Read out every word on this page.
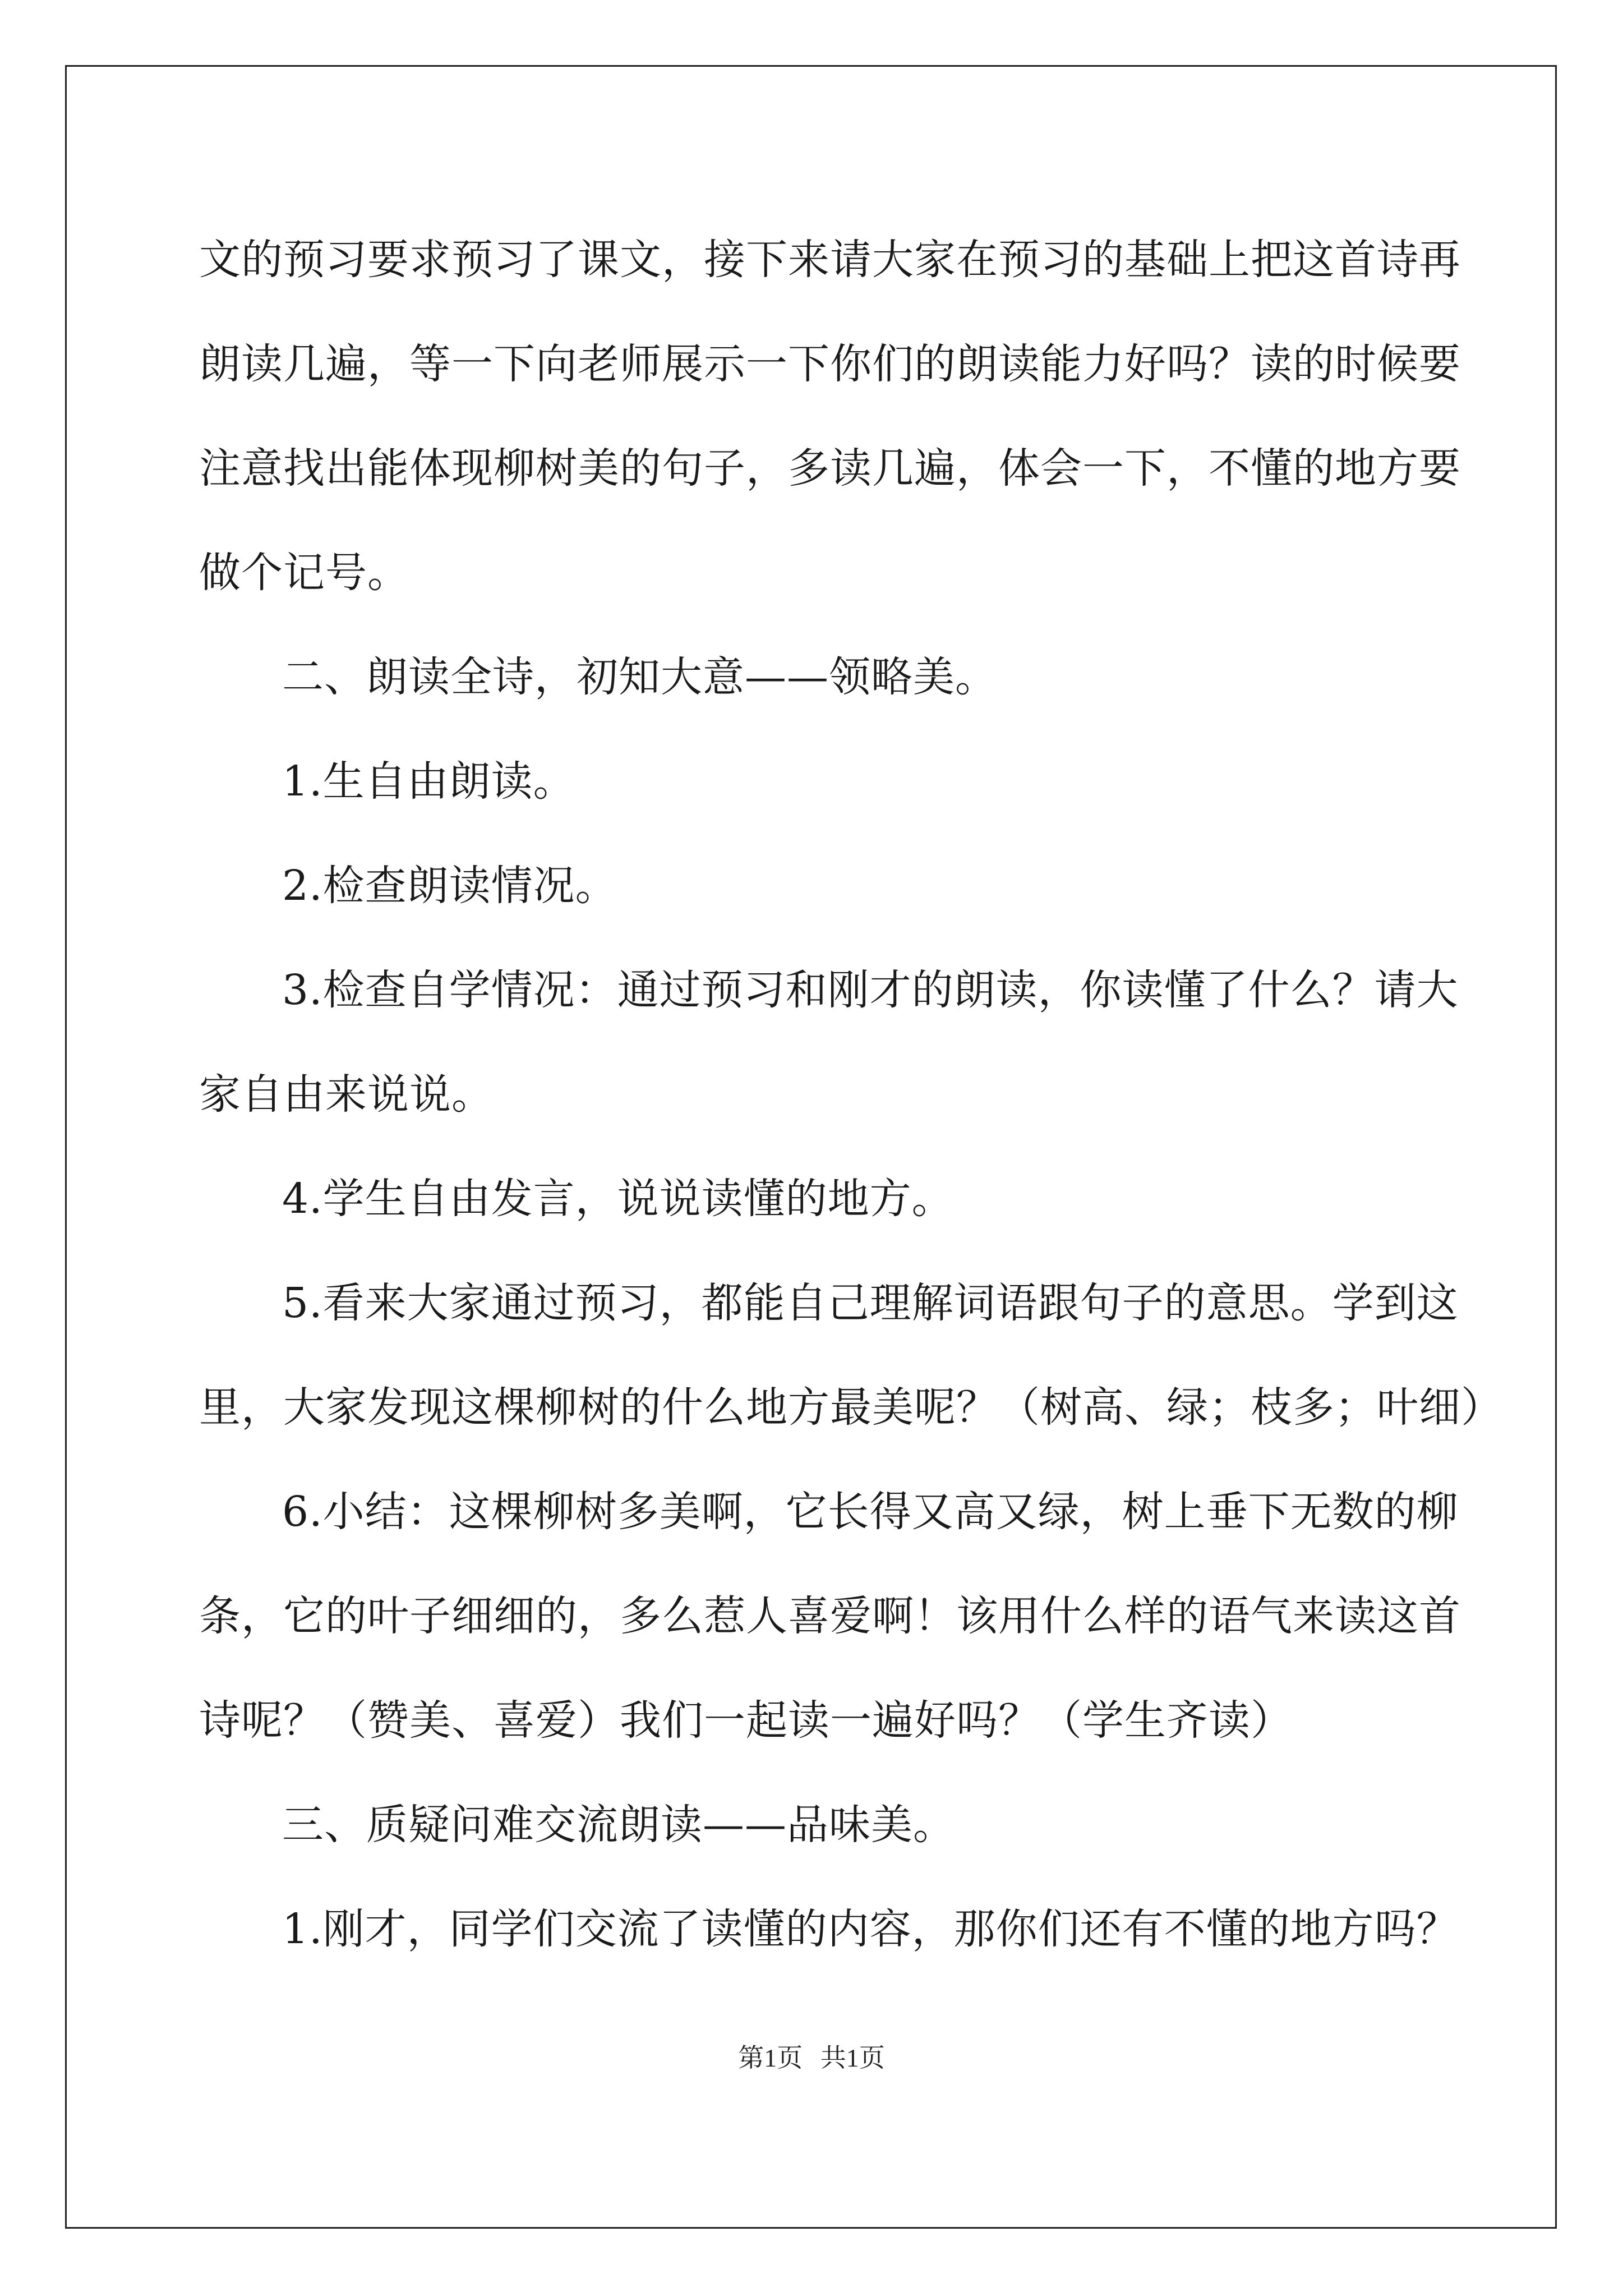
文的预习要求预习了课文，接下来请大家在预习的基础上把这首诗再
朗读几遍，等一下向老师展示一下你们的朗读能力好吗？读的时候要
注意找出能体现柳树美的句子，多读几遍，体会一下，不懂的地方要
做个记号。
二、朗读全诗，初知大意——领略美。
1.生自由朗读。
2.检查朗读情况。
3.检查自学情况：通过预习和刚才的朗读，你读懂了什么？请大
家自由来说说。
4.学生自由发言，说说读懂的地方。
5.看来大家通过预习，都能自己理解词语跟句子的意思。学到这
里，大家发现这棵柳树的什么地方最美呢？（树高、绿；枝多；叶细）
6.小结：这棵柳树多美啊，它长得又高又绿，树上垂下无数的柳
条，它的叶子细细的，多么惹人喜爱啊！该用什么样的语气来读这首
诗呢？（赞美、喜爱）我们一起读一遍好吗？（学生齐读）
三、质疑问难交流朗读——品味美。
1.刚才，同学们交流了读懂的内容，那你们还有不懂的地方吗？
第1页 共1页
